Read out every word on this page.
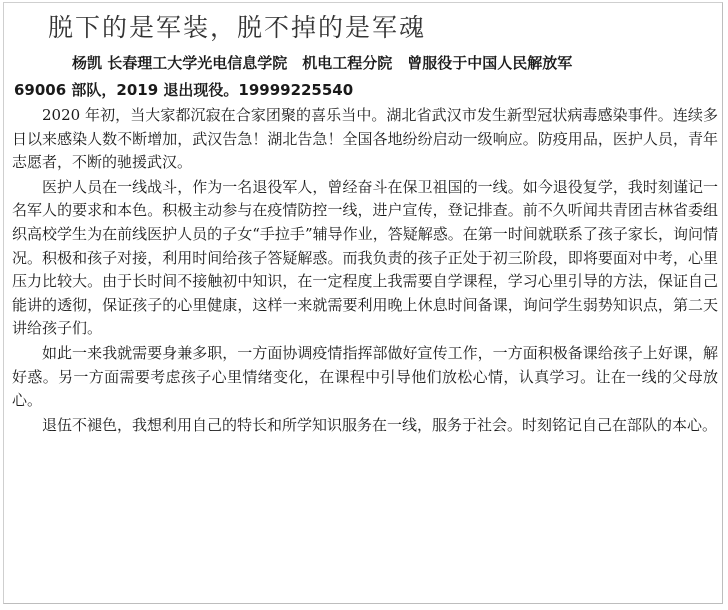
脱下的是军装，脱不掉的是军魂
杨凯 长春理工大学光电信息学院　机电工程分院　曾服役于中国人民解放军
69006 部队，2019 退出现役。19999225540

2020 年初，当大家都沉寂在合家团聚的喜乐当中。湖北省武汉市发生新型冠状病毒感染事件。连续多日以来感染人数不断增加，武汉告急！湖北告急！全国各地纷纷启动一级响应。防疫用品，医护人员，青年志愿者，不断的驰援武汉。

医护人员在一线战斗，作为一名退役军人，曾经奋斗在保卫祖国的一线。如今退役复学，我时刻谨记一名军人的要求和本色。积极主动参与在疫情防控一线，进户宣传，登记排查。前不久听闻共青团吉林省委组织高校学生为在前线医护人员的子女“手拉手”辅导作业，答疑解惑。在第一时间就联系了孩子家长，询问情况。积极和孩子对接，利用时间给孩子答疑解惑。而我负责的孩子正处于初三阶段，即将要面对中考，心里压力比较大。由于长时间不接触初中知识，在一定程度上我需要自学课程，学习心里引导的方法，保证自己能讲的透彻，保证孩子的心里健康，这样一来就需要利用晚上休息时间备课，询问学生弱势知识点，第二天讲给孩子们。

如此一来我就需要身兼多职，一方面协调疫情指挥部做好宣传工作，一方面积极备课给孩子上好课，解好惑。另一方面需要考虑孩子心里情绪变化，在课程中引导他们放松心情，认真学习。让在一线的父母放心。

退伍不褪色，我想利用自己的特长和所学知识服务在一线，服务于社会。时刻铭记自己在部队的本心。
